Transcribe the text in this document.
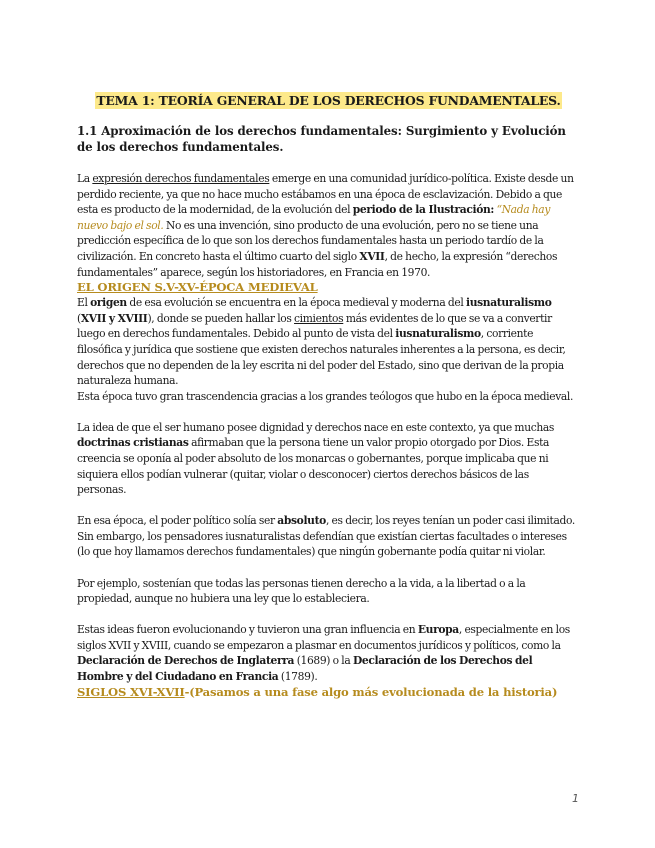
TEMA 1: TEORÍA GENERAL DE LOS DERECHOS FUNDAMENTALES.
1.1 Aproximación de los derechos fundamentales: Surgimiento y Evolución de los derechos fundamentales.

La expresión derechos fundamentales emerge en una comunidad jurídico-política. Existe desde un perdido reciente, ya que no hace mucho estábamos en una época de esclavización. Debido a que esta es producto de la modernidad, de la evolución del periodo de la Ilustración: “Nada hay nuevo bajo el sol. No es una invención, sino producto de una evolución, pero no se tiene una predicción específica de lo que son los derechos fundamentales hasta un periodo tardío de la civilización. En concreto hasta el último cuarto del siglo XVII, de hecho, la expresión “derechos fundamentales” aparece, según los historiadores, en Francia en 1970.

EL ORIGEN S.V-XV-ÉPOCA MEDIEVAL

El origen de esa evolución se encuentra en la época medieval y moderna del iusnaturalismo (XVII y XVIII), donde se pueden hallar los cimientos más evidentes de lo que se va a convertir luego en derechos fundamentales. Debido al punto de vista del iusnaturalismo, corriente filosófica y jurídica que sostiene que existen derechos naturales inherentes a la persona, es decir, derechos que no dependen de la ley escrita ni del poder del Estado, sino que derivan de la propia naturaleza humana.

Esta época tuvo gran trascendencia gracias a los grandes teólogos que hubo en la época medieval.

La idea de que el ser humano posee dignidad y derechos nace en este contexto, ya que muchas doctrinas cristianas afirmaban que la persona tiene un valor propio otorgado por Dios. Esta creencia se oponía al poder absoluto de los monarcas o gobernantes, porque implicaba que ni siquiera ellos podían vulnerar (quitar, violar o desconocer) ciertos derechos básicos de las personas.

En esa época, el poder político solía ser absoluto, es decir, los reyes tenían un poder casi ilimitado. Sin embargo, los pensadores iusnaturalistas defendían que existían ciertas facultades o intereses (lo que hoy llamamos derechos fundamentales) que ningún gobernante podía quitar ni violar.

Por ejemplo, sostenían que todas las personas tienen derecho a la vida, a la libertad o a la propiedad, aunque no hubiera una ley que lo estableciera.

Estas ideas fueron evolucionando y tuvieron una gran influencia en Europa, especialmente en los siglos XVII y XVIII, cuando se empezaron a plasmar en documentos jurídicos y políticos, como la Declaración de Derechos de Inglaterra (1689) o la Declaración de los Derechos del Hombre y del Ciudadano en Francia (1789).

SIGLOS XVI-XVII-(Pasamos a una fase algo más evolucionada de la historia)
1
